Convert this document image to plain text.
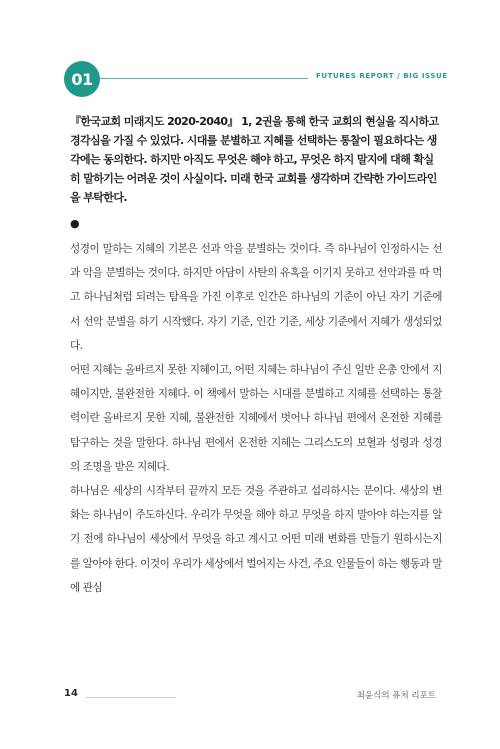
01	FUTURES REPORT / BIG ISSUE

『한국교회 미래지도 2020-2040』 1, 2권을 통해 한국 교회의 현실을 직시하고 경각심을 가질 수 있었다. 시대를 분별하고 지혜를 선택하는 통찰이 필요하다는 생각에는 동의한다. 하지만 아직도 무엇은 해야 하고, 무엇은 하지 말지에 대해 확실히 말하기는 어려운 것이 사실이다. 미래 한국 교회를 생각하며 간략한 가이드라인을 부탁한다.

●

성경이 말하는 지혜의 기본은 선과 악을 분별하는 것이다. 즉 하나님이 인정하시는 선과 악을 분별하는 것이다. 하지만 아담이 사탄의 유혹을 이기지 못하고 선악과를 따 먹고 하나님처럼 되려는 탐욕을 가진 이후로 인간은 하나님의 기준이 아닌 자기 기준에서 선악 분별을 하기 시작했다. 자기 기준, 인간 기준, 세상 기준에서 지혜가 생성되었다.

어떤 지혜는 올바르지 못한 지혜이고, 어떤 지혜는 하나님이 주신 일반 은총 안에서 지혜이지만, 불완전한 지혜다. 이 책에서 말하는 시대를 분별하고 지혜를 선택하는 통찰력이란 올바르지 못한 지혜, 불완전한 지혜에서 벗어나 하나님 편에서 온전한 지혜를 탐구하는 것을 말한다. 하나님 편에서 온전한 지혜는 그리스도의 보혈과 성령과 성경의 조명을 받은 지혜다.

하나님은 세상의 시작부터 끝까지 모든 것을 주관하고 섭리하시는 분이다. 세상의 변화는 하나님이 주도하신다. 우리가 무엇을 해야 하고 무엇을 하지 말아야 하는지를 알기 전에 하나님이 세상에서 무엇을 하고 계시고 어떤 미래 변화를 만들기 원하시는지를 알아야 한다. 이것이 우리가 세상에서 벌어지는 사건, 주요 인물들이 하는 행동과 말에 관심

14	최윤식의 퓨처 리포트
